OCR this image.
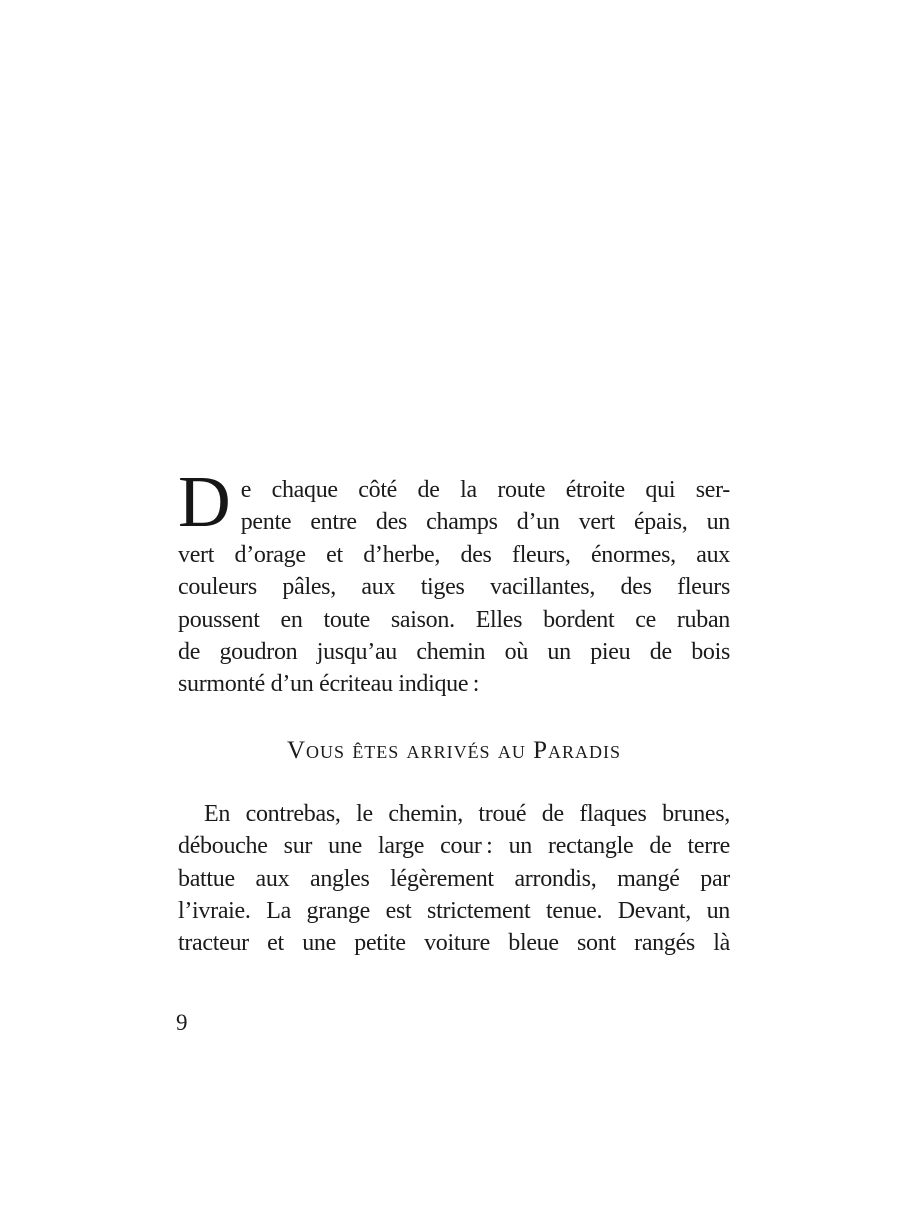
D e chaque côté de la route étroite qui ser-
pente entre des champs d’un vert épais, un
vert d’orage et d’herbe, des fleurs, énormes, aux
couleurs pâles, aux tiges vacillantes, des fleurs
poussent en toute saison. Elles bordent ce ruban
de goudron jusqu’au chemin où un pieu de bois
surmonté d’un écriteau indique :
Vous êtes arrivés au Paradis
En contrebas, le chemin, troué de flaques brunes,
débouche sur une large cour : un rectangle de terre
battue aux angles légèrement arrondis, mangé par
l’ivraie. La grange est strictement tenue. Devant, un
tracteur et une petite voiture bleue sont rangés là
9
